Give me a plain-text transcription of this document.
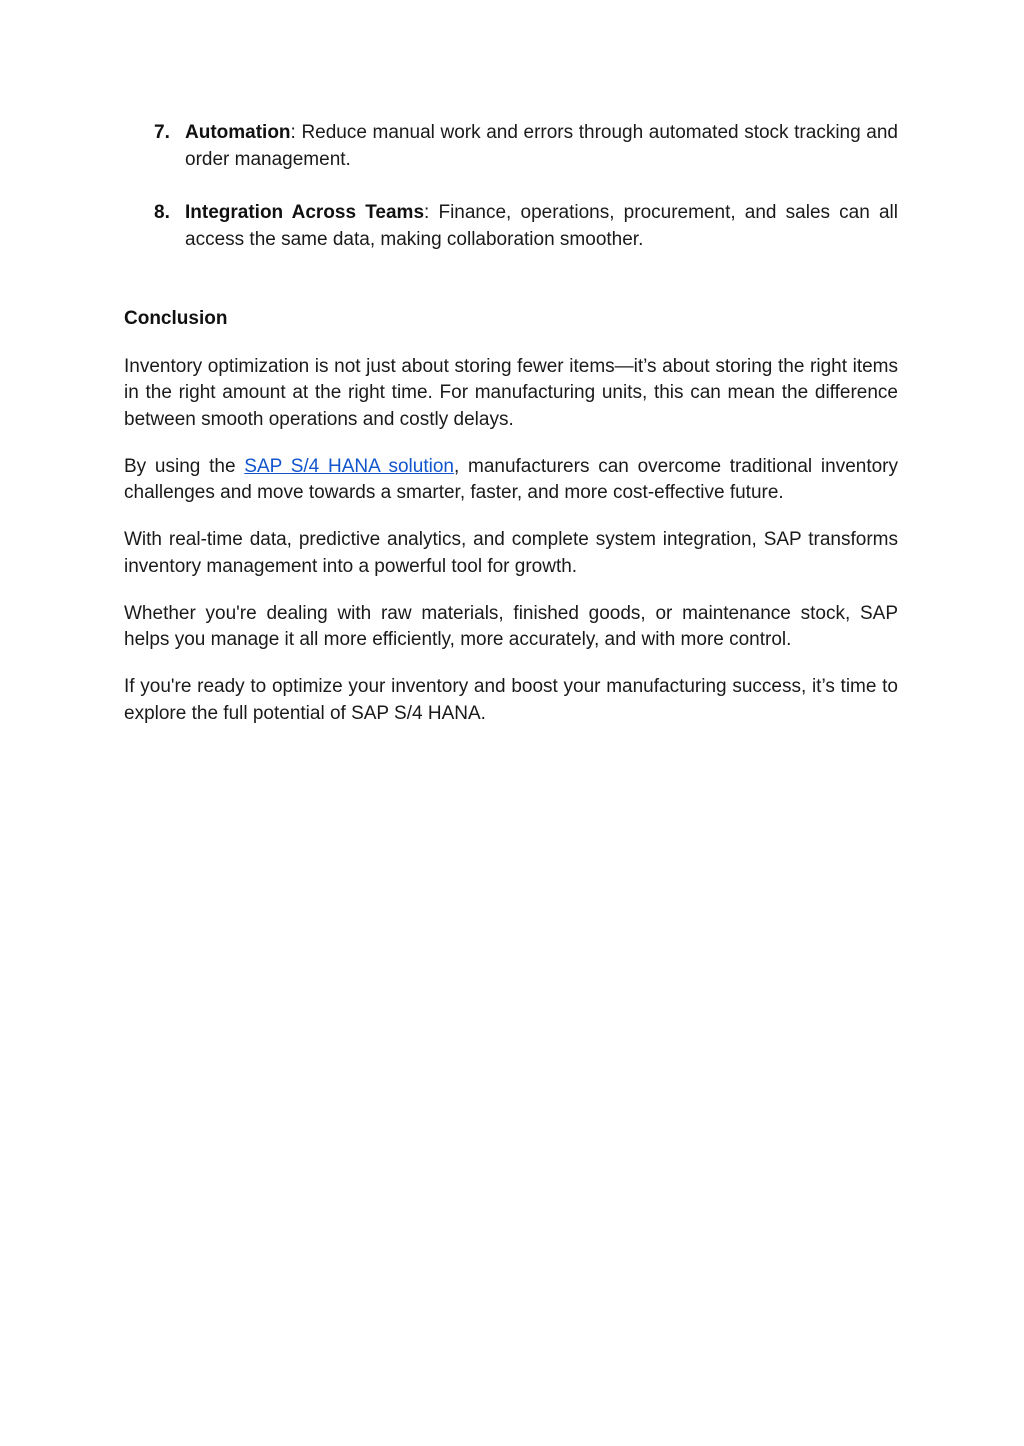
7. Automation: Reduce manual work and errors through automated stock tracking and order management.
8. Integration Across Teams: Finance, operations, procurement, and sales can all access the same data, making collaboration smoother.
Conclusion

Inventory optimization is not just about storing fewer items—it’s about storing the right items in the right amount at the right time. For manufacturing units, this can mean the difference between smooth operations and costly delays.

By using the SAP S/4 HANA solution, manufacturers can overcome traditional inventory challenges and move towards a smarter, faster, and more cost-effective future.

With real-time data, predictive analytics, and complete system integration, SAP transforms inventory management into a powerful tool for growth.

Whether you're dealing with raw materials, finished goods, or maintenance stock, SAP helps you manage it all more efficiently, more accurately, and with more control.

If you're ready to optimize your inventory and boost your manufacturing success, it’s time to explore the full potential of SAP S/4 HANA.
